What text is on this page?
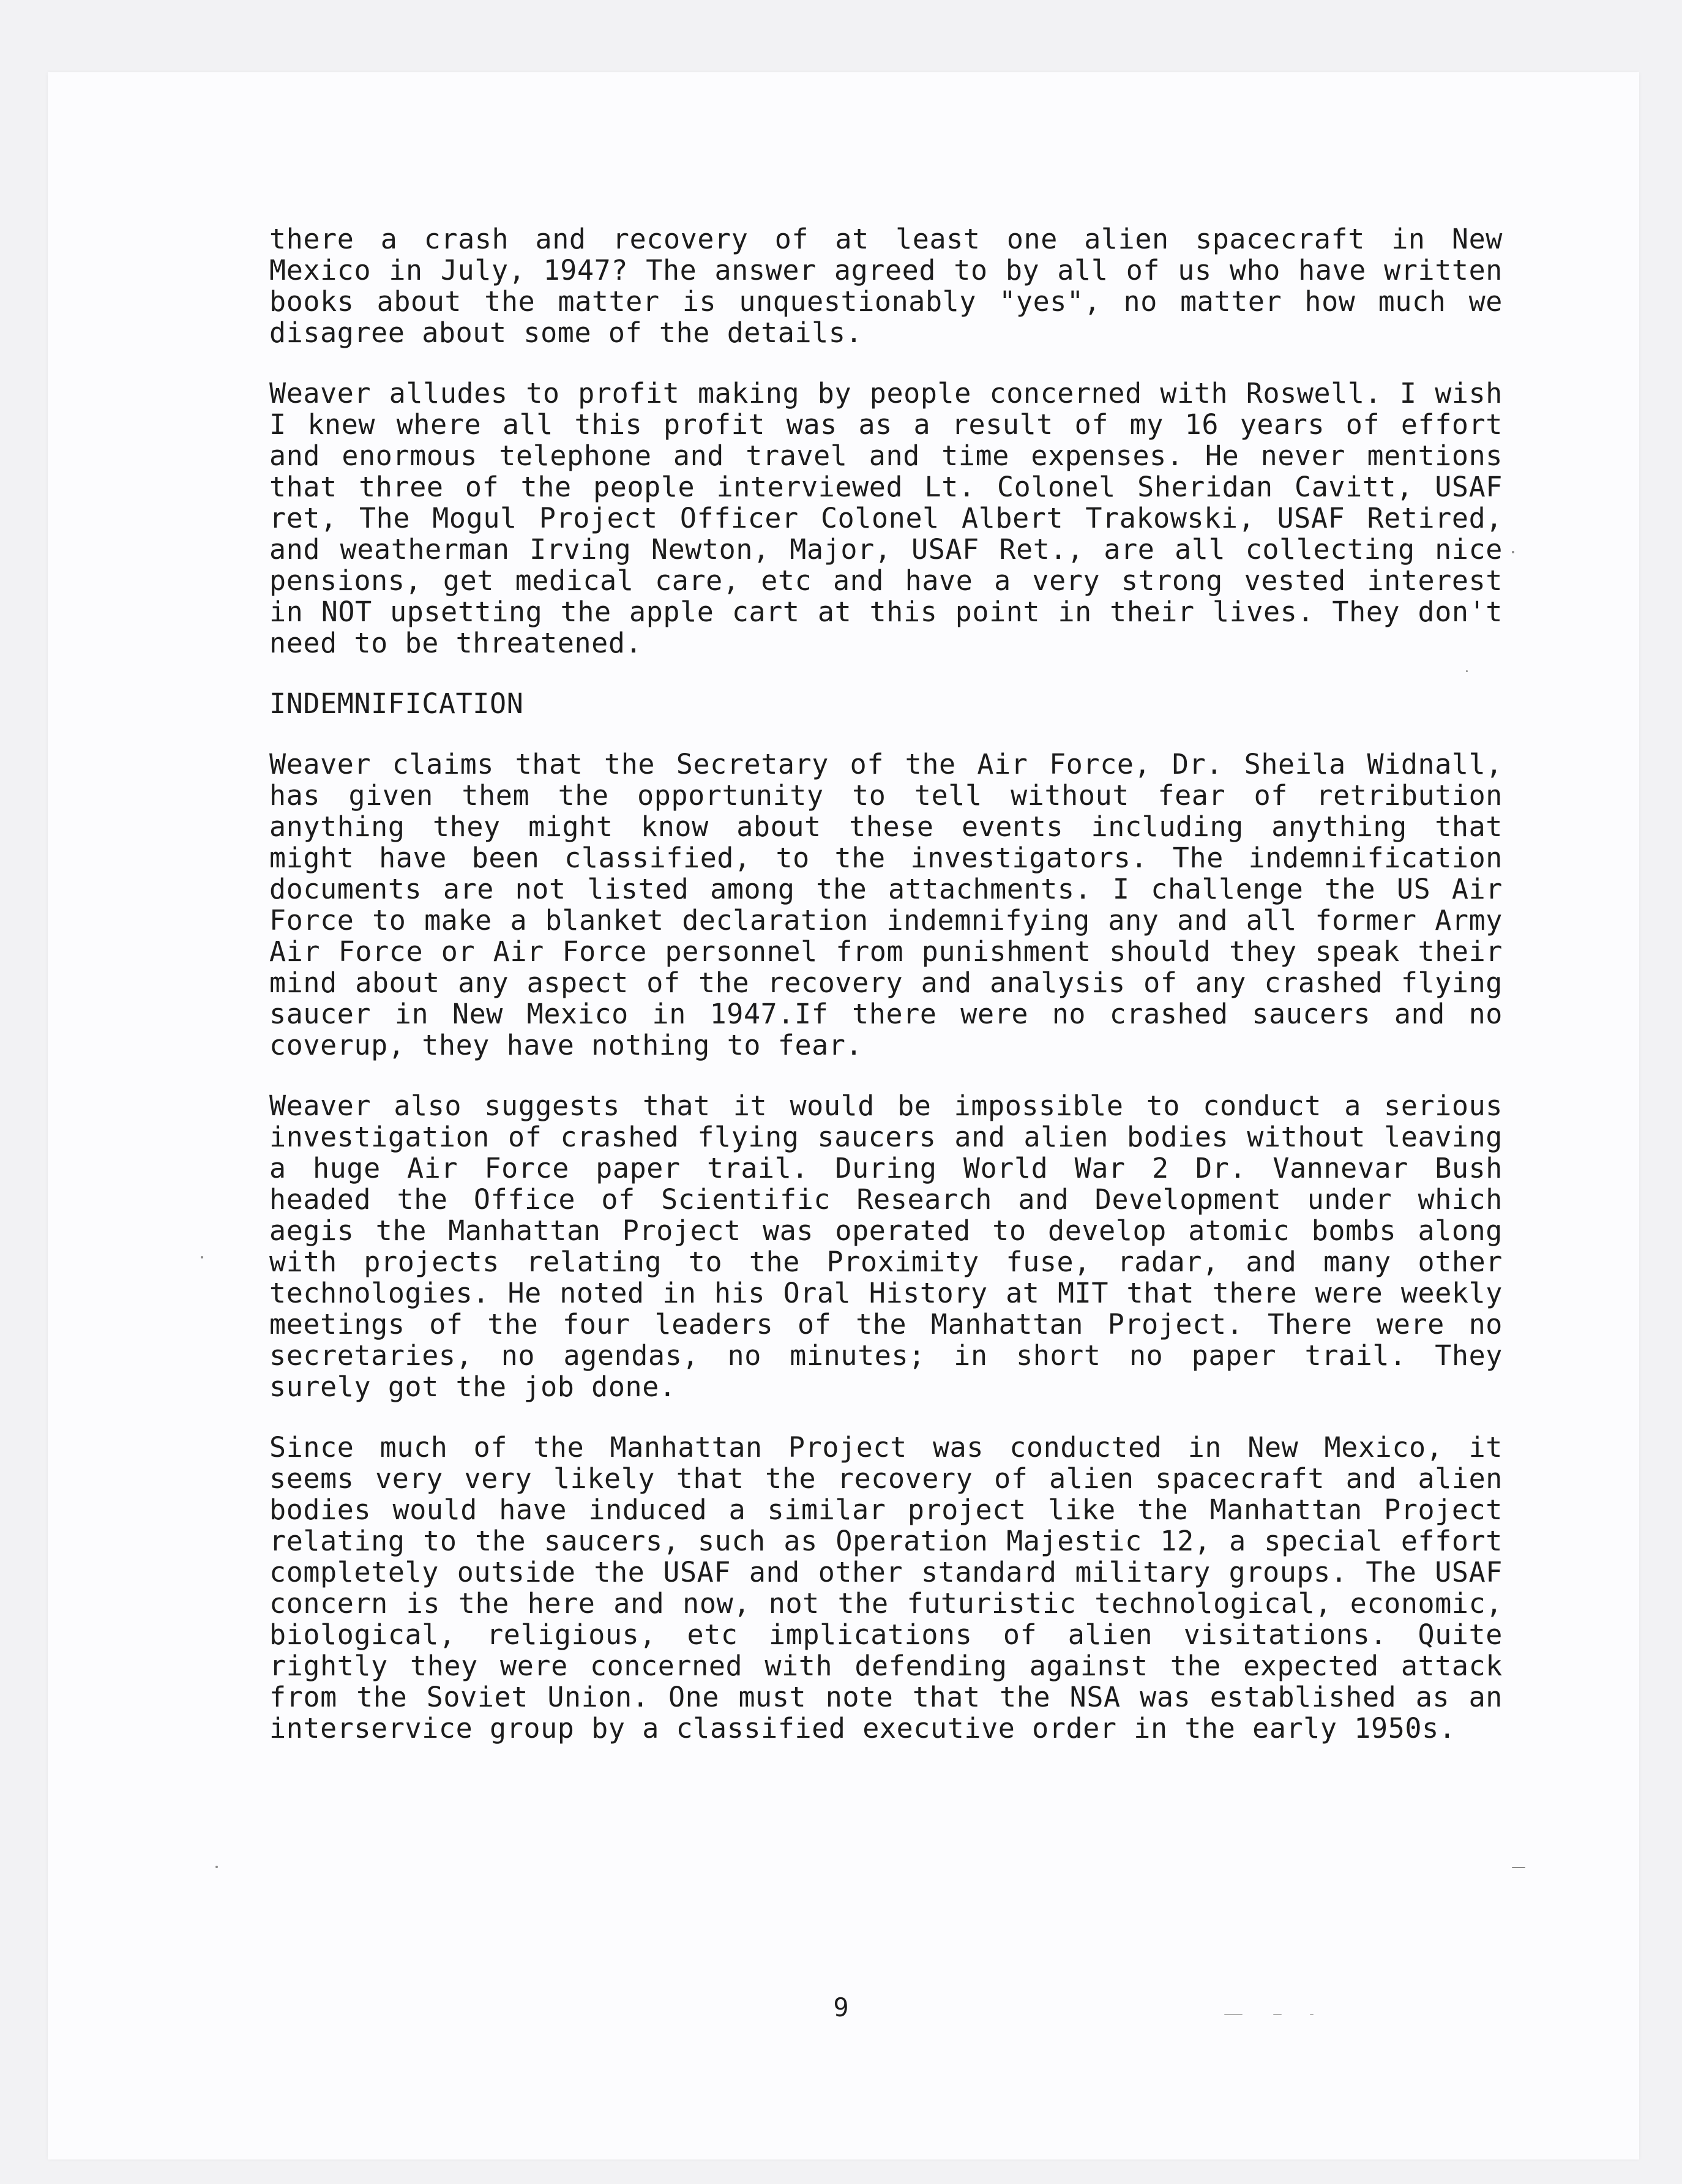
there a crash and recovery of at least one alien spacecraft in New Mexico in July, 1947? The answer agreed to by all of us who have written books about the matter is unquestionably "yes", no matter how much we disagree about some of the details.

Weaver alludes to profit making by people concerned with Roswell. I wish I knew where all this profit was as a result of my 16 years of effort and enormous telephone and travel and time expenses. He never mentions that three of the people interviewed Lt. Colonel Sheridan Cavitt, USAF ret, The Mogul Project Officer Colonel Albert Trakowski, USAF Retired, and weatherman Irving Newton, Major, USAF Ret., are all collecting nice pensions, get medical care, etc and have a very strong vested interest in NOT upsetting the apple cart at this point in their lives. They don't need to be threatened.

INDEMNIFICATION

Weaver claims that the Secretary of the Air Force, Dr. Sheila Widnall, has given them the opportunity to tell without fear of retribution anything they might know about these events including anything that might have been classified, to the investigators. The indemnification documents are not listed among the attachments. I challenge the US Air Force to make a blanket declaration indemnifying any and all former Army Air Force or Air Force personnel from punishment should they speak their mind about any aspect of the recovery and analysis of any crashed flying saucer in New Mexico in 1947.If there were no crashed saucers and no coverup, they have nothing to fear.

Weaver also suggests that it would be impossible to conduct a serious investigation of crashed flying saucers and alien bodies without leaving a huge Air Force paper trail. During World War 2 Dr. Vannevar Bush headed the Office of Scientific Research and Development under which aegis the Manhattan Project was operated to develop atomic bombs along with projects relating to the Proximity fuse, radar, and many other technologies. He noted in his Oral History at MIT that there were weekly meetings of the four leaders of the Manhattan Project. There were no secretaries, no agendas, no minutes; in short no paper trail. They surely got the job done.

Since much of the Manhattan Project was conducted in New Mexico, it seems very very likely that the recovery of alien spacecraft and alien bodies would have induced a similar project like the Manhattan Project relating to the saucers, such as Operation Majestic 12, a special effort completely outside the USAF and other standard military groups. The USAF concern is the here and now, not the futuristic technological, economic, biological, religious, etc implications of alien visitations. Quite rightly they were concerned with defending against the expected attack from the Soviet Union. One must note that the NSA was established as an interservice group by a classified executive order in the early 1950s.

9
